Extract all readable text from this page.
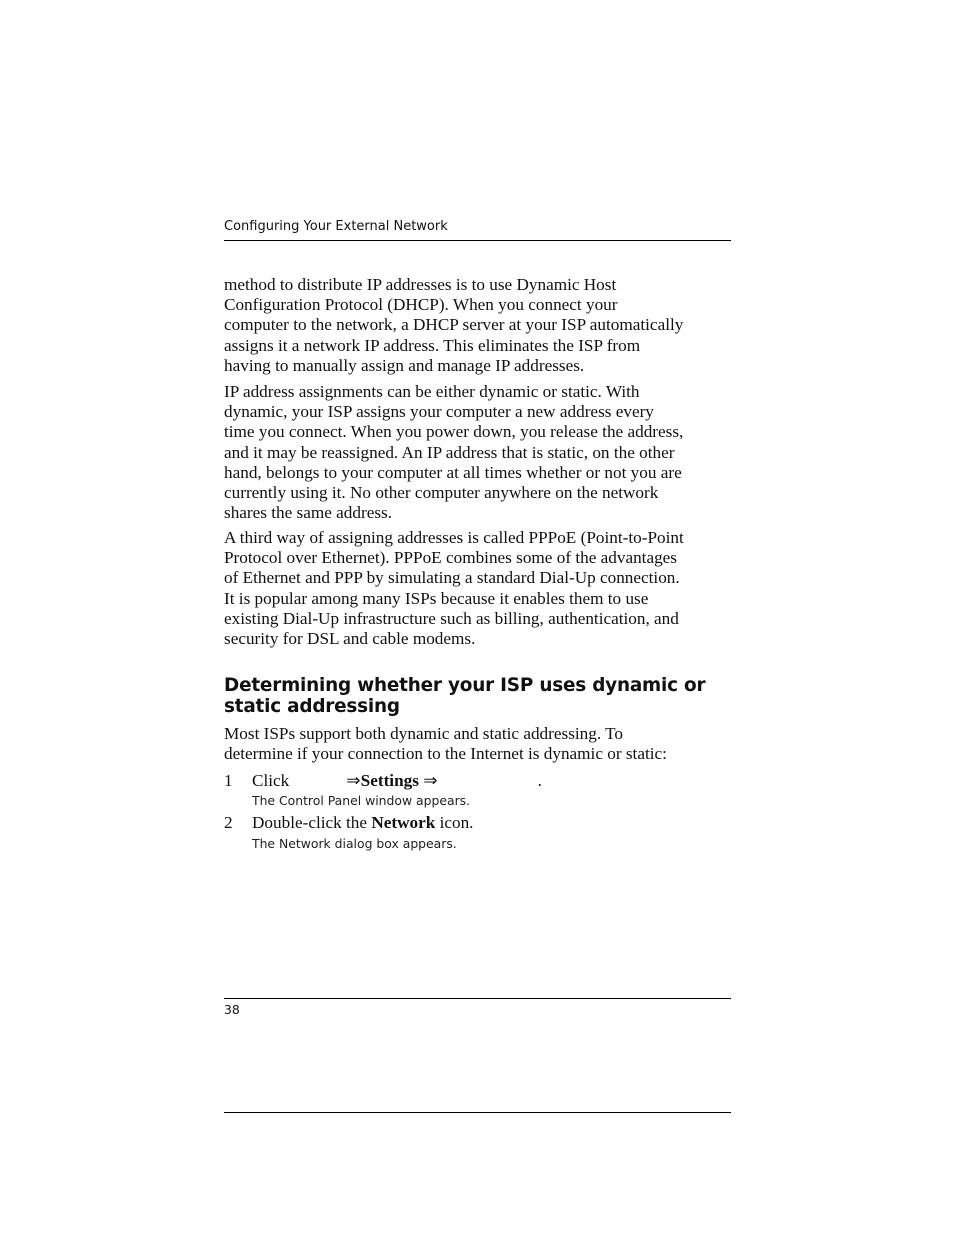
Configuring Your External Network
method to distribute IP addresses is to use Dynamic Host
Configuration Protocol (DHCP). When you connect your
computer to the network, a DHCP server at your ISP automatically
assigns it a network IP address. This eliminates the ISP from
having to manually assign and manage IP addresses.
IP address assignments can be either dynamic or static. With
dynamic, your ISP assigns your computer a new address every
time you connect. When you power down, you release the address,
and it may be reassigned. An IP address that is static, on the other
hand, belongs to your computer at all times whether or not you are
currently using it. No other computer anywhere on the network
shares the same address.
A third way of assigning addresses is called PPPoE (Point-to-Point
Protocol over Ethernet). PPPoE combines some of the advantages
of Ethernet and PPP by simulating a standard Dial-Up connection.
It is popular among many ISPs because it enables them to use
existing Dial-Up infrastructure such as billing, authentication, and
security for DSL and cable modems.
Determining whether your ISP uses dynamic or
static addressing
Most ISPs support both dynamic and static addressing. To
determine if your connection to the Internet is dynamic or static:
1 Click	⇒Settings ⇒	.
The Control Panel window appears.
2 Double-click the Network icon.
The Network dialog box appears.
38
